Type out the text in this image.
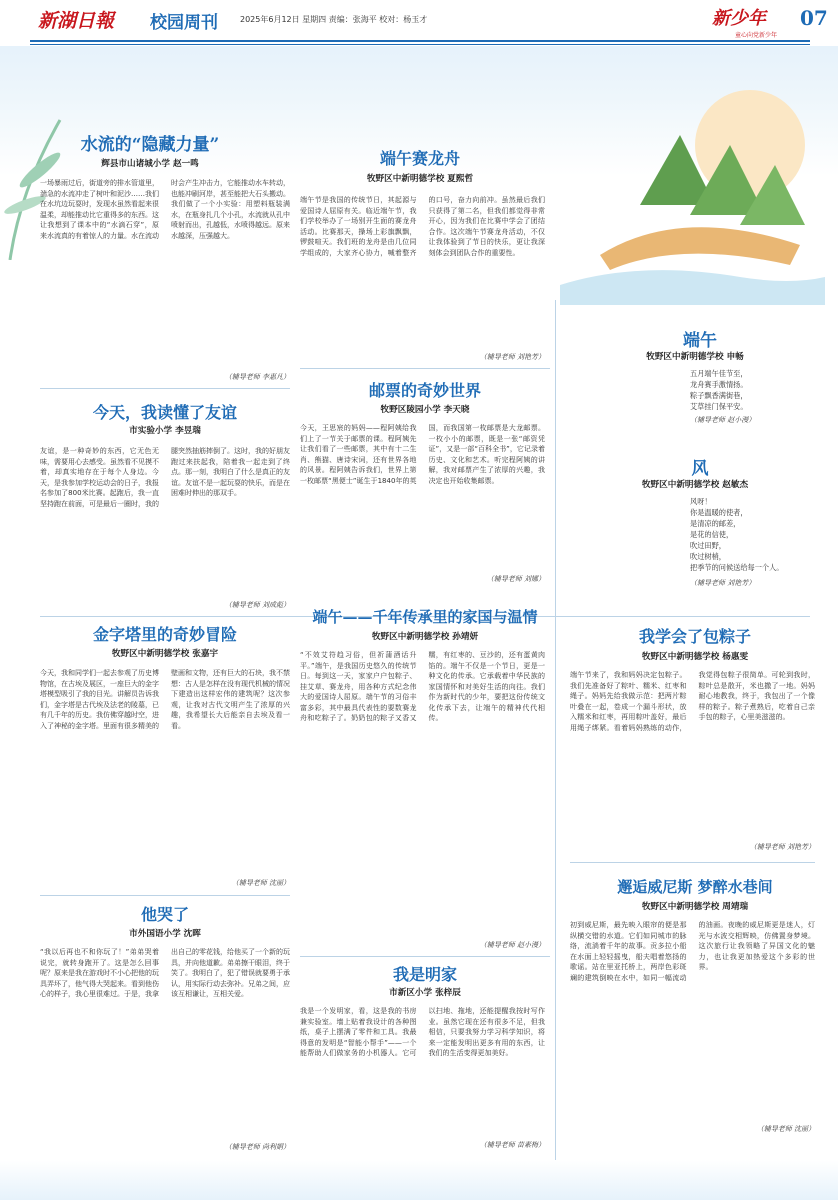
新湖日報 校园周刊	2025年6月12日 星期四 责编：张海平 校对：杨玉才	新少年
童心向党新少年
07
水流的“隐藏力量”
辉县市山诸城小学 赵一鸣
一场暴雨过后，街道旁的排水管道里，湍急的水流冲走了树叶和泥沙……我们在水坑边玩耍时，发现水虽然看起来很温柔，却能推动比它重得多的东西。这让我想到了课本中的“水滴石穿”，原来水流真的有着惊人的力量。水在流动时会产生冲击力，它能推动水车转动，也能冲刷河岸，甚至能把大石头搬动。我们做了一个小实验：用塑料瓶装满水，在瓶身扎几个小孔，水流就从孔中喷射而出，孔越低，水喷得越远。原来水越深，压强越大。
（辅导老师 李惠凡）
端午赛龙舟
牧野区中新明德学校 夏熙哲
端午节是我国的传统节日，其起源与爱国诗人屈原有关。临近端午节，我们学校举办了一场别开生面的赛龙舟活动。比赛那天，操场上彩旗飘飘，锣鼓喧天。我们班的龙舟是由几位同学组成的，大家齐心协力，喊着整齐的口号，奋力向前冲。虽然最后我们只获得了第二名，但我们都觉得非常开心，因为我们在比赛中学会了团结合作。这次端午节赛龙舟活动，不仅让我体验到了节日的快乐，更让我深刻体会到团队合作的重要性。
（辅导老师 刘艳芳）
今天，我读懂了友谊
市实验小学 李昱瑞
友谊，是一种奇妙的东西，它无色无味，需要用心去感受。虽然看不见摸不着，却真实地存在于每个人身边。今天，是我参加学校运动会的日子，我报名参加了800米比赛。起跑后，我一直坚持跑在前面，可是最后一圈时，我的腿突然抽筋摔倒了。这时，我的好朋友跑过来扶起我，陪着我一起走到了终点。那一刻，我明白了什么是真正的友谊。友谊不是一起玩耍的快乐，而是在困难时伸出的那双手。
（辅导老师 刘成彪）
邮票的奇妙世界
牧野区陵园小学 李天晓
今天，王思宸的妈妈——程阿姨给我们上了一节关于邮票的课。程阿姨先让我们看了一些邮票，其中有十二生肖、熊猫、唐诗宋词，还有世界各地的风景。程阿姨告诉我们，世界上第一枚邮票“黑便士”诞生于1840年的英国，而我国第一枚邮票是大龙邮票。一枚小小的邮票，既是一张“邮资凭证”，又是一部“百科全书”，它记录着历史、文化和艺术。听完程阿姨的讲解，我对邮票产生了浓厚的兴趣，我决定也开始收集邮票。
（辅导老师 刘娜）
端午
牧野区中新明德学校 申畅
五月端午佳节至，
龙舟赛手激情扬。
粽子飘香满街巷，
艾草挂门保平安。
（辅导老师 赵小漫）
风
牧野区中新明德学校 赵敏杰
风呀！
你是温暖的使者，
是清凉的邮差，
是花的信使，
吹过田野，
吹过树梢，
把季节的问候送给每一个人。
（辅导老师 刘艳芳）
金字塔里的奇妙冒险
牧野区中新明德学校 张嘉宇
今天，我和同学们一起去参观了历史博物馆，在古埃及展区，一座巨大的金字塔模型吸引了我的目光。讲解员告诉我们，金字塔是古代埃及法老的陵墓，已有几千年的历史。我仿佛穿越时空，进入了神秘的金字塔。里面有很多精美的壁画和文物，还有巨大的石块，我不禁想：古人是怎样在没有现代机械的情况下建造出这样宏伟的建筑呢？这次参观，让我对古代文明产生了浓厚的兴趣，我希望长大后能亲自去埃及看一看。
（辅导老师 沈丽）
端午——千年传承里的家国与温情
牧野区中新明德学校 孙靖妍
“不效艾符趋习俗，但祈蒲酒话升平。”端午，是我国历史悠久的传统节日。每到这一天，家家户户包粽子、挂艾草、赛龙舟，用各种方式纪念伟大的爱国诗人屈原。端午节的习俗丰富多彩，其中最具代表性的要数赛龙舟和吃粽子了。奶奶包的粽子又香又糯，有红枣的、豆沙的，还有蛋黄肉馅的。端午不仅是一个节日，更是一种文化的传承。它承载着中华民族的家国情怀和对美好生活的向往。我们作为新时代的少年，要把这份传统文化传承下去，让端午的精神代代相传。
（辅导老师 赵小漫）
我学会了包粽子
牧野区中新明德学校 杨惠雯
端午节来了，我和妈妈决定包粽子。我们先准备好了粽叶、糯米、红枣和绳子。妈妈先给我做示范：把两片粽叶叠在一起，卷成一个漏斗形状，放入糯米和红枣，再用粽叶盖好，最后用绳子绑紧。看着妈妈熟练的动作，我觉得包粽子很简单。可轮到我时，粽叶总是散开，米也撒了一地。妈妈耐心地教我，终于，我包出了一个像样的粽子。粽子煮熟后，吃着自己亲手包的粽子，心里美滋滋的。
（辅导老师 刘艳芳）
他哭了
市外国语小学 沈晖
“我以后再也不和你玩了！”弟弟哭着说完，就转身跑开了。这是怎么回事呢？原来是我在游戏时不小心把他的玩具弄坏了，他气得大哭起来。看到他伤心的样子，我心里很难过。于是，我拿出自己的零花钱，给他买了一个新的玩具，并向他道歉。弟弟擦干眼泪，终于笑了。我明白了，犯了错误就要勇于承认，用实际行动去弥补。兄弟之间，应该互相谦让，互相关爱。
（辅导老师 尚利娟）
我是明家
市新区小学 张梓辰
我是一个发明家，看，这是我的书房兼实验室。墙上贴着我设计的各种图纸，桌子上摆满了零件和工具。我最得意的发明是“智能小帮手”——一个能帮助人们做家务的小机器人。它可以扫地、拖地，还能提醒我按时写作业。虽然它现在还有很多不足，但我相信，只要我努力学习科学知识，将来一定能发明出更多有用的东西，让我们的生活变得更加美好。
（辅导老师 苗素梅）
邂逅威尼斯 梦醉水巷间
牧野区中新明德学校 周靖瑞
初到威尼斯，最先映入眼帘的便是那纵横交错的水道。它们如同城市的脉络，流淌着千年的故事。贡多拉小船在水面上轻轻摇曳，船夫唱着悠扬的歌谣。站在里亚托桥上，两岸色彩斑斓的建筑倒映在水中，如同一幅流动的油画。夜晚的威尼斯更是迷人，灯光与水波交相辉映，仿佛置身梦境。这次旅行让我领略了异国文化的魅力，也让我更加热爱这个多彩的世界。
（辅导老师 沈丽）
